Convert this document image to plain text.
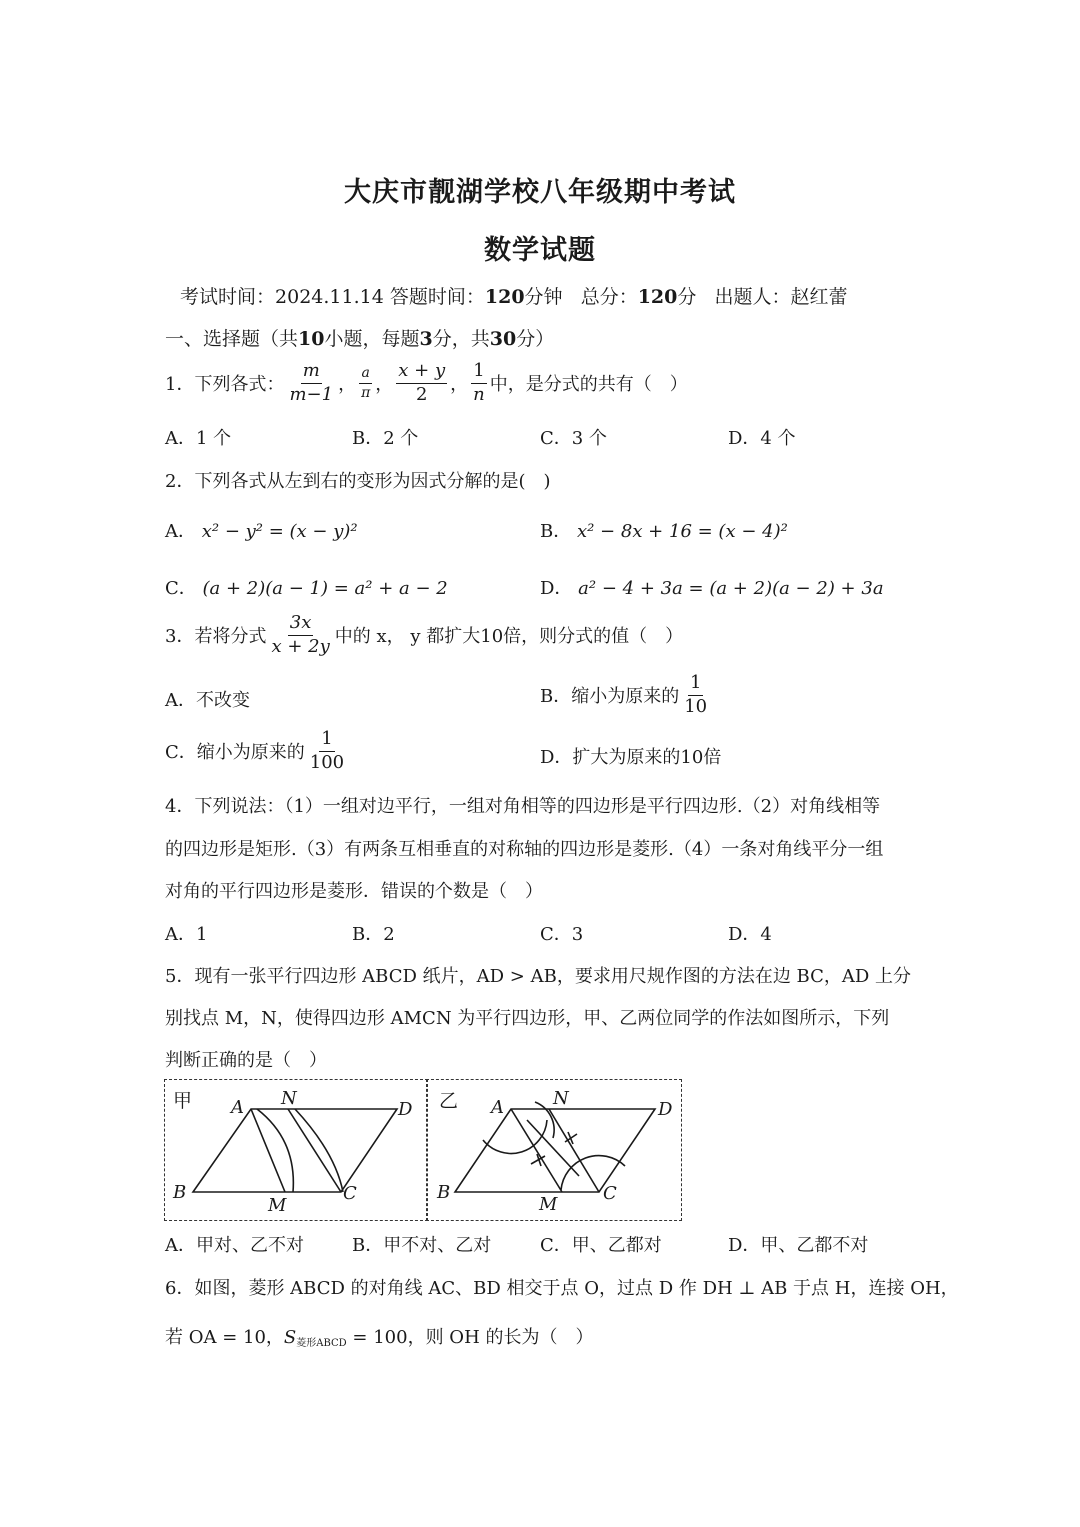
大庆市靓湖学校八年级期中考试
数学试题
考试时间：2024.11.14 答题时间：120分钟 总分：120分 出题人：赵红蕾
一、选择题（共10小题，每题3分，共30分）
1．下列各式： $\frac{m}{m-1}$ ， $\frac{a}{\pi}$ ， $\frac{x + y}{2}$ ， $\frac{1}{n}$ 中，是分式的共有（　）
A．1 个	B．2 个	C．3 个	D．4 个
2．下列各式从左到右的变形为因式分解的是(　)
A． x² − y² = (x − y)²	B． x² − 8x + 16 = (x − 4)²
C． (a + 2)(a − 1) = a² + a − 2	D． a² − 4 + 3a = (a + 2)(a − 2) + 3a
3．若将分式 $\frac{3x}{x + 2y}$ 中的 x， y 都扩大10倍，则分式的值（　）
A．不改变	B．缩小为原来的 $\frac{1}{10}$
C．缩小为原来的 $\frac{1}{100}$	D．扩大为原来的10倍
4．下列说法：（1）一组对边平行，一组对角相等的四边形是平行四边形.（2）对角线相等
的四边形是矩形.（3）有两条互相垂直的对称轴的四边形是菱形.（4）一条对角线平分一组
对角的平行四边形是菱形．错误的个数是（　）
A．1	B．2	C．3	D．4
5．现有一张平行四边形 ABCD 纸片，AD > AB，要求用尺规作图的方法在边 BC，AD 上分
别找点 M，N，使得四边形 AMCN 为平行四边形，甲、乙两位同学的作法如图所示，下列
判断正确的是（　）
甲 A N
D
B
M
C
乙 A	N
D
B
M
C
A．甲对、乙不对	B．甲不对、乙对	C．甲、乙都对	D．甲、乙都不对
6．如图，菱形 ABCD 的对角线 AC、BD 相交于点 O，过点 D 作 DH ⊥ AB 于点 H，连接 OH，
若 OA = 10，$S_{菱形ABCD} = 100$，则 OH 的长为（　）
